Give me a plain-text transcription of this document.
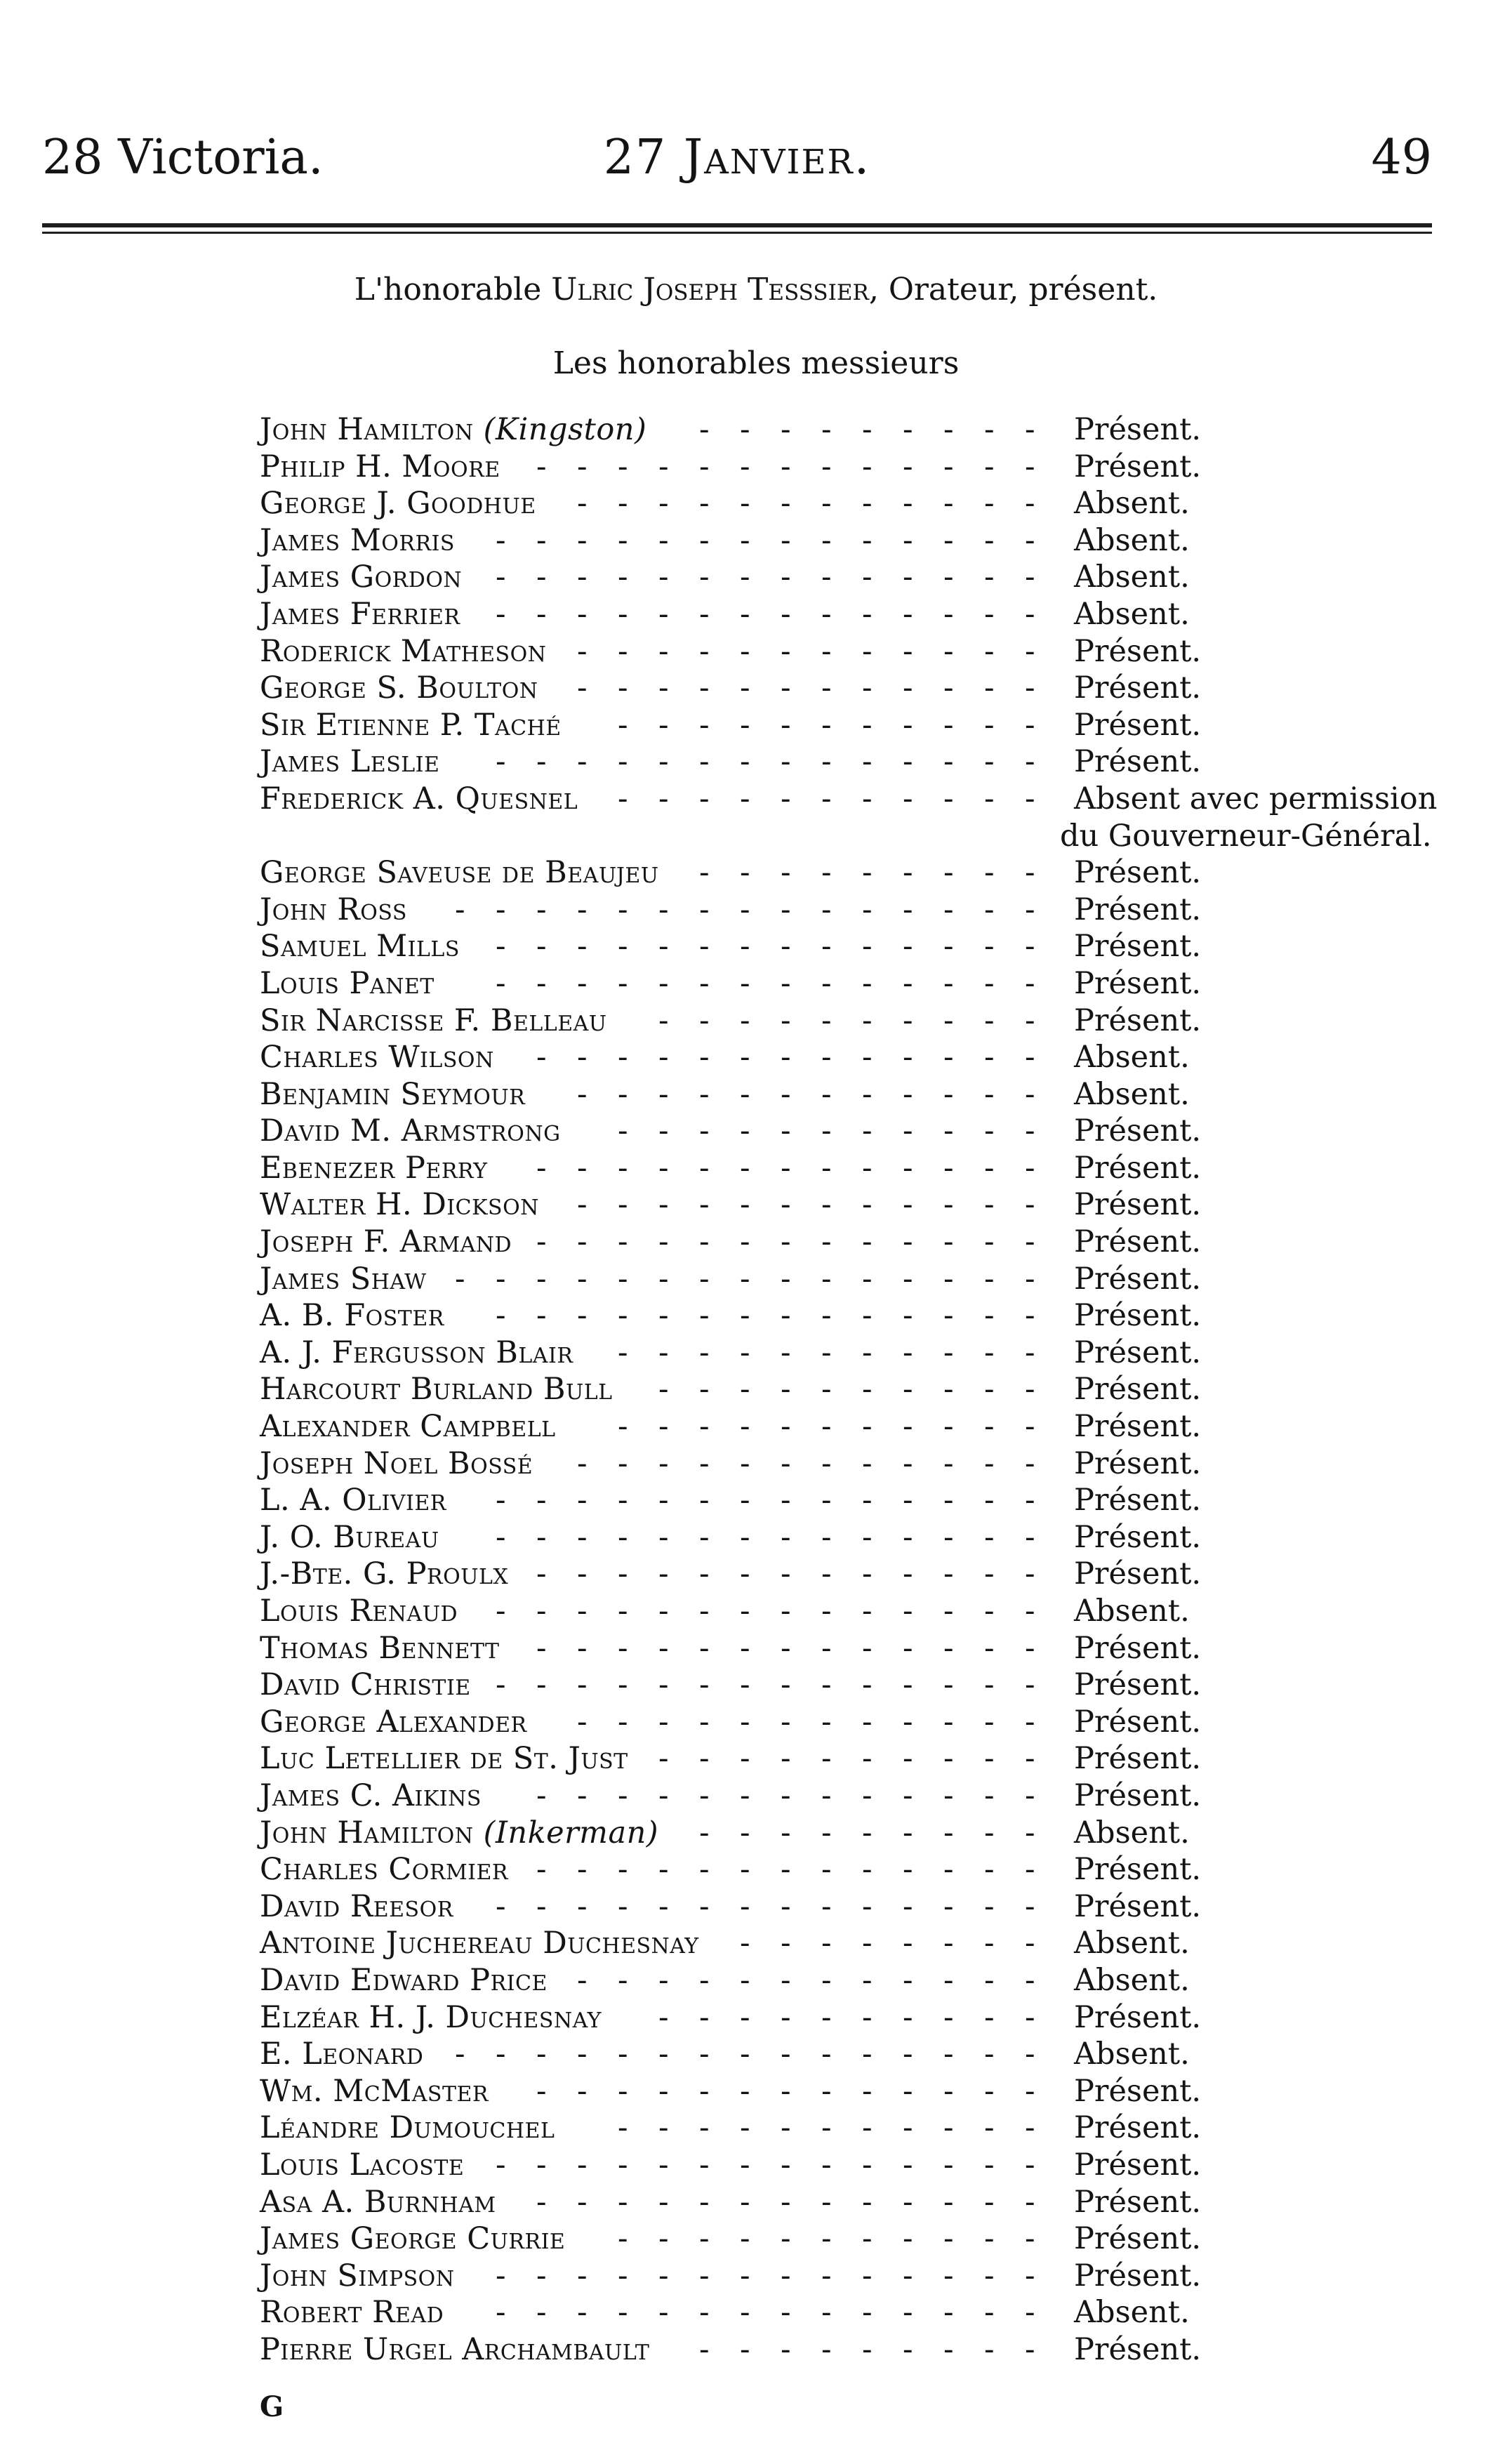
28 Victoria.	27 Janvier.	49
L'honorable Ulric Joseph Tesssier, Orateur, présent.
Les honorables messieurs
-
-
-
-
-
-
-
-
-
John Hamilton (Kingston)	Présent.
-
-
-
-
-
-
-
-
-
-
-
-
-
Philip H. Moore	Présent.
-
-
-
-
-
-
-
-
-
-
-
-
George J. Goodhue	Absent.
-
-
-
-
-
-
-
-
-
-
-
-
-
-
James Morris	Absent.
-
-
-
-
-
-
-
-
-
-
-
-
-
-
James Gordon	Absent.
-
-
-
-
-
-
-
-
-
-
-
-
-
-
James Ferrier	Absent.
-
-
-
-
-
-
-
-
-
-
-
-
Roderick Matheson	Présent.
-
-
-
-
-
-
-
-
-
-
-
-
George S. Boulton	Présent.
-
-
-
-
-
-
-
-
-
-
-
Sir Etienne P. Taché	Présent.
-
-
-
-
-
-
-
-
-
-
-
-
-
-
James Leslie	Présent.
-
-
-
-
-
-
-
-
-
-
-
Frederick A. Quesnel	Absent avec permission
du Gouverneur-Général.
-
-
-
-
-
-
-
-
-
George Saveuse de Beaujeu	Présent.
-
-
-
-
-
-
-
-
-
-
-
-
-
-
-
John Ross	Présent.
-
-
-
-
-
-
-
-
-
-
-
-
-
-
Samuel Mills	Présent.
-
-
-
-
-
-
-
-
-
-
-
-
-
-
Louis Panet	Présent.
-
-
-
-
-
-
-
-
-
-
Sir Narcisse F. Belleau	Présent.
-
-
-
-
-
-
-
-
-
-
-
-
-
Charles Wilson	Absent.
-
-
-
-
-
-
-
-
-
-
-
-
Benjamin Seymour	Absent.
-
-
-
-
-
-
-
-
-
-
-
David M. Armstrong	Présent.
-
-
-
-
-
-
-
-
-
-
-
-
-
Ebenezer Perry	Présent.
-
-
-
-
-
-
-
-
-
-
-
-
Walter H. Dickson	Présent.
-
-
-
-
-
-
-
-
-
-
-
-
-
Joseph F. Armand	Présent.
-
-
-
-
-
-
-
-
-
-
-
-
-
-
-
James Shaw	Présent.
-
-
-
-
-
-
-
-
-
-
-
-
-
-
A. B. Foster	Présent.
-
-
-
-
-
-
-
-
-
-
-
A. J. Fergusson Blair	Présent.
-
-
-
-
-
-
-
-
-
-
Harcourt Burland Bull	Présent.
-
-
-
-
-
-
-
-
-
-
-
Alexander Campbell	Présent.
-
-
-
-
-
-
-
-
-
-
-
-
Joseph Noel Bossé	Présent.
-
-
-
-
-
-
-
-
-
-
-
-
-
-
L. A. Olivier	Présent.
-
-
-
-
-
-
-
-
-
-
-
-
-
-
J. O. Bureau	Présent.
-
-
-
-
-
-
-
-
-
-
-
-
-
J.-Bte. G. Proulx	Présent.
-
-
-
-
-
-
-
-
-
-
-
-
-
-
Louis Renaud	Absent.
-
-
-
-
-
-
-
-
-
-
-
-
-
Thomas Bennett	Présent.
-
-
-
-
-
-
-
-
-
-
-
-
-
-
David Christie	Présent.
-
-
-
-
-
-
-
-
-
-
-
-
George Alexander	Présent.
-
-
-
-
-
-
-
-
-
-
Luc Letellier de St. Just	Présent.
-
-
-
-
-
-
-
-
-
-
-
-
-
James C. Aikins	Présent.
-
-
-
-
-
-
-
-
-
John Hamilton (Inkerman)	Absent.
-
-
-
-
-
-
-
-
-
-
-
-
-
Charles Cormier	Présent.
-
-
-
-
-
-
-
-
-
-
-
-
-
-
David Reesor	Présent.
-
-
-
-
-
-
-
-
Antoine Juchereau Duchesnay	Absent.
-
-
-
-
-
-
-
-
-
-
-
-
David Edward Price	Absent.
-
-
-
-
-
-
-
-
-
-
Elzéar H. J. Duchesnay	Présent.
-
-
-
-
-
-
-
-
-
-
-
-
-
-
-
E. Leonard	Absent.
-
-
-
-
-
-
-
-
-
-
-
-
-
Wm. McMaster	Présent.
-
-
-
-
-
-
-
-
-
-
-
Léandre Dumouchel	Présent.
-
-
-
-
-
-
-
-
-
-
-
-
-
-
Louis Lacoste	Présent.
-
-
-
-
-
-
-
-
-
-
-
-
-
Asa A. Burnham	Présent.
-
-
-
-
-
-
-
-
-
-
-
James George Currie	Présent.
-
-
-
-
-
-
-
-
-
-
-
-
-
-
John Simpson	Présent.
-
-
-
-
-
-
-
-
-
-
-
-
-
-
Robert Read	Absent.
-
-
-
-
-
-
-
-
-
Pierre Urgel Archambault	Présent.
G
